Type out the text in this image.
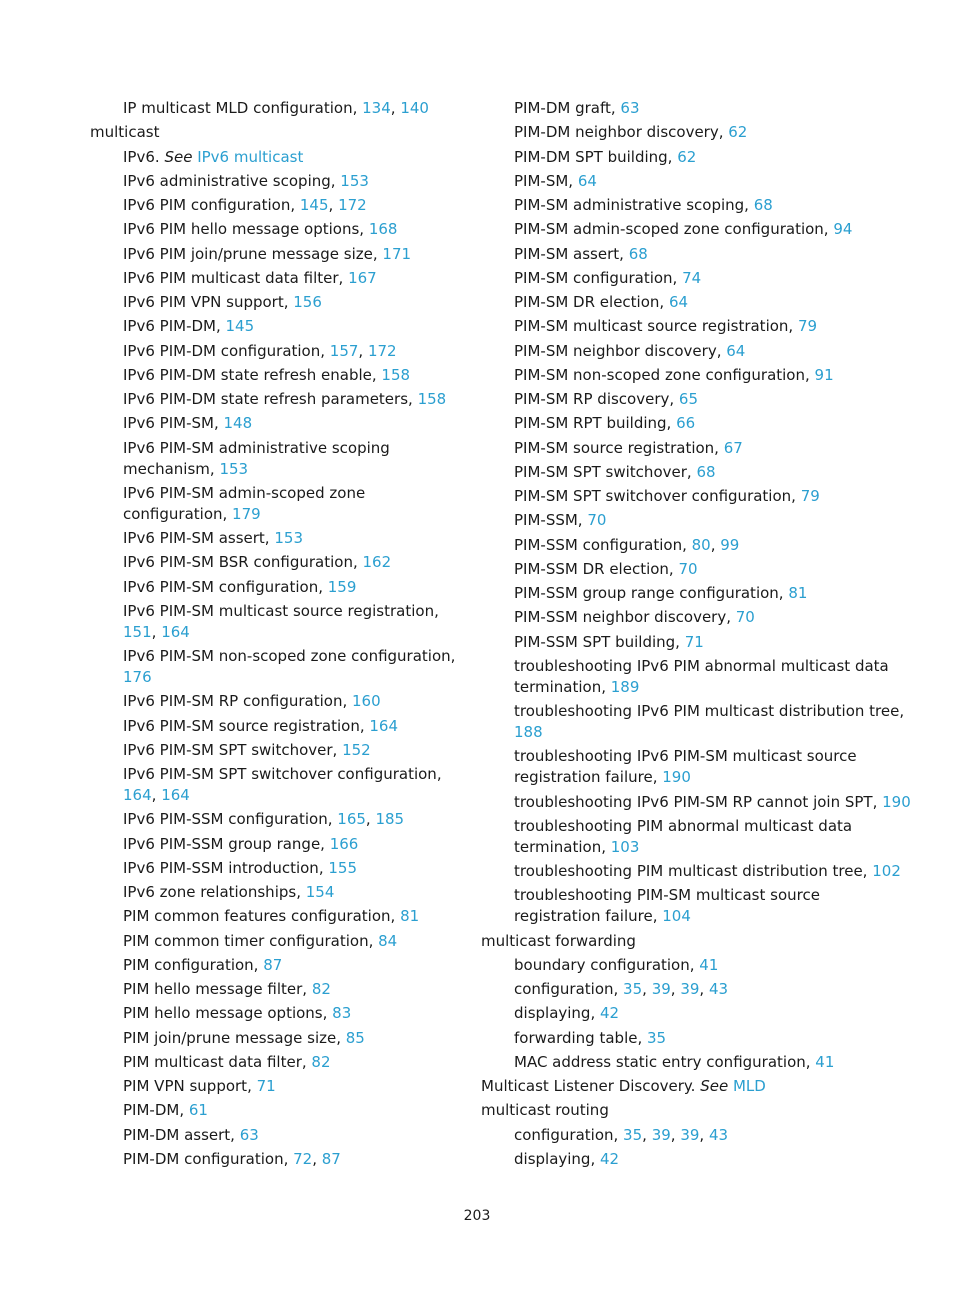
IP multicast MLD configuration, 134, 140
multicast
IPv6. See IPv6 multicast
IPv6 administrative scoping, 153
IPv6 PIM configuration, 145, 172
IPv6 PIM hello message options, 168
IPv6 PIM join/prune message size, 171
IPv6 PIM multicast data filter, 167
IPv6 PIM VPN support, 156
IPv6 PIM-DM, 145
IPv6 PIM-DM configuration, 157, 172
IPv6 PIM-DM state refresh enable, 158
IPv6 PIM-DM state refresh parameters, 158
IPv6 PIM-SM, 148
IPv6 PIM-SM administrative scoping mechanism, 153
IPv6 PIM-SM admin-scoped zone configuration, 179
IPv6 PIM-SM assert, 153
IPv6 PIM-SM BSR configuration, 162
IPv6 PIM-SM configuration, 159
IPv6 PIM-SM multicast source registration, 151, 164
IPv6 PIM-SM non-scoped zone configuration, 176
IPv6 PIM-SM RP configuration, 160
IPv6 PIM-SM source registration, 164
IPv6 PIM-SM SPT switchover, 152
IPv6 PIM-SM SPT switchover configuration, 164, 164
IPv6 PIM-SSM configuration, 165, 185
IPv6 PIM-SSM group range, 166
IPv6 PIM-SSM introduction, 155
IPv6 zone relationships, 154
PIM common features configuration, 81
PIM common timer configuration, 84
PIM configuration, 87
PIM hello message filter, 82
PIM hello message options, 83
PIM join/prune message size, 85
PIM multicast data filter, 82
PIM VPN support, 71
PIM-DM, 61
PIM-DM assert, 63
PIM-DM configuration, 72, 87
PIM-DM graft, 63
PIM-DM neighbor discovery, 62
PIM-DM SPT building, 62
PIM-SM, 64
PIM-SM administrative scoping, 68
PIM-SM admin-scoped zone configuration, 94
PIM-SM assert, 68
PIM-SM configuration, 74
PIM-SM DR election, 64
PIM-SM multicast source registration, 79
PIM-SM neighbor discovery, 64
PIM-SM non-scoped zone configuration, 91
PIM-SM RP discovery, 65
PIM-SM RPT building, 66
PIM-SM source registration, 67
PIM-SM SPT switchover, 68
PIM-SM SPT switchover configuration, 79
PIM-SSM, 70
PIM-SSM configuration, 80, 99
PIM-SSM DR election, 70
PIM-SSM group range configuration, 81
PIM-SSM neighbor discovery, 70
PIM-SSM SPT building, 71
troubleshooting IPv6 PIM abnormal multicast data termination, 189
troubleshooting IPv6 PIM multicast distribution tree, 188
troubleshooting IPv6 PIM-SM multicast source registration failure, 190
troubleshooting IPv6 PIM-SM RP cannot join SPT, 190
troubleshooting PIM abnormal multicast data termination, 103
troubleshooting PIM multicast distribution tree, 102
troubleshooting PIM-SM multicast source registration failure, 104
multicast forwarding
boundary configuration, 41
configuration, 35, 39, 39, 43
displaying, 42
forwarding table, 35
MAC address static entry configuration, 41
Multicast Listener Discovery. See MLD
multicast routing
configuration, 35, 39, 39, 43
displaying, 42
203
